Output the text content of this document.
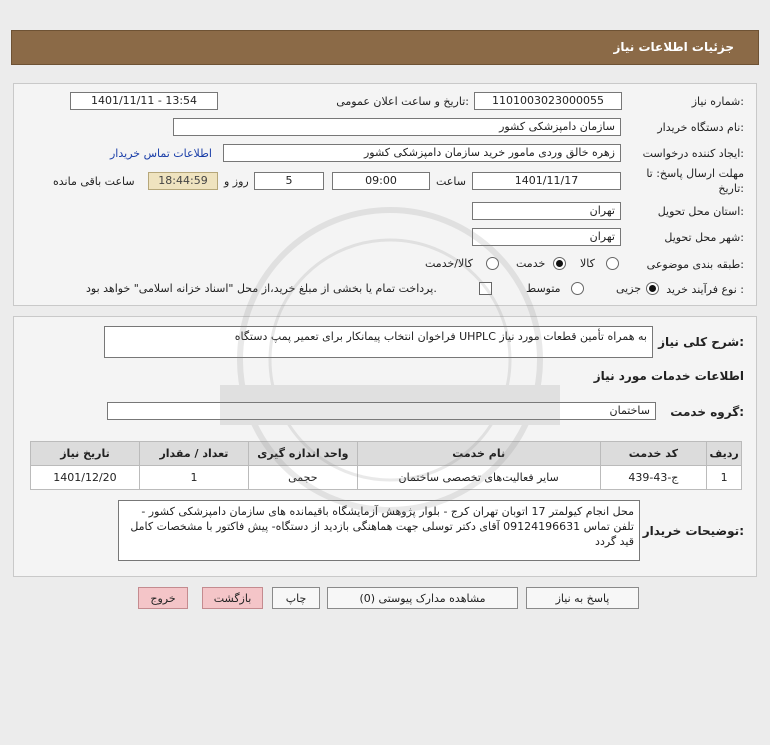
جزئیات اطلاعات نیاز
شماره نیاز:
1101003023000055
تاریخ و ساعت اعلان عمومی:
1401/11/11 - 13:54
نام دستگاه خریدار:
سازمان دامپزشکی کشور
ایجاد کننده درخواست:
زهره خالق وردی مامور خرید سازمان دامپزشکی کشور
اطلاعات تماس خریدار
مهلت ارسال پاسخ: تا
تاریخ:
1401/11/17
ساعت
09:00
5
روز و
18:44:59
ساعت باقی مانده
استان محل تحویل:
تهران
شهر محل تحویل:
تهران
طبقه بندی موضوعی:
کالا
خدمت
کالا/خدمت
نوع فرآیند خرید :
جزیی
متوسط
پرداخت تمام یا بخشی از مبلغ خرید،از محل "اسناد خزانه اسلامی" خواهد بود.
شرح کلی نیاز:
فراخوان انتخاب پیمانکار برای تعمیر پمپ دستگاه UHPLC به همراه تأمین قطعات مورد نیاز
اطلاعات خدمات مورد نیاز
گروه خدمت:
ساختمان
ردیف	کد خدمت	نام خدمت	واحد اندازه گیری	تعداد / مقدار	تاریخ نیاز
1	ج-43-439	سایر فعالیت‌های تخصصی ساختمان	حجمی	1	1401/12/20
توضیحات خریدار:
محل انجام کیولمتر 17 اتوبان تهران کرج - بلوار پژوهش آزمایشگاه باقیمانده های سازمان دامپزشکی کشور - تلفن تماس 09124196631 آقای دکتر توسلی جهت هماهنگی بازدید از دستگاه- پیش فاکتور با مشخصات کامل قید گردد
پاسخ به نیاز
مشاهده مدارک پیوستی (0)
چاپ
بازگشت
خروج
